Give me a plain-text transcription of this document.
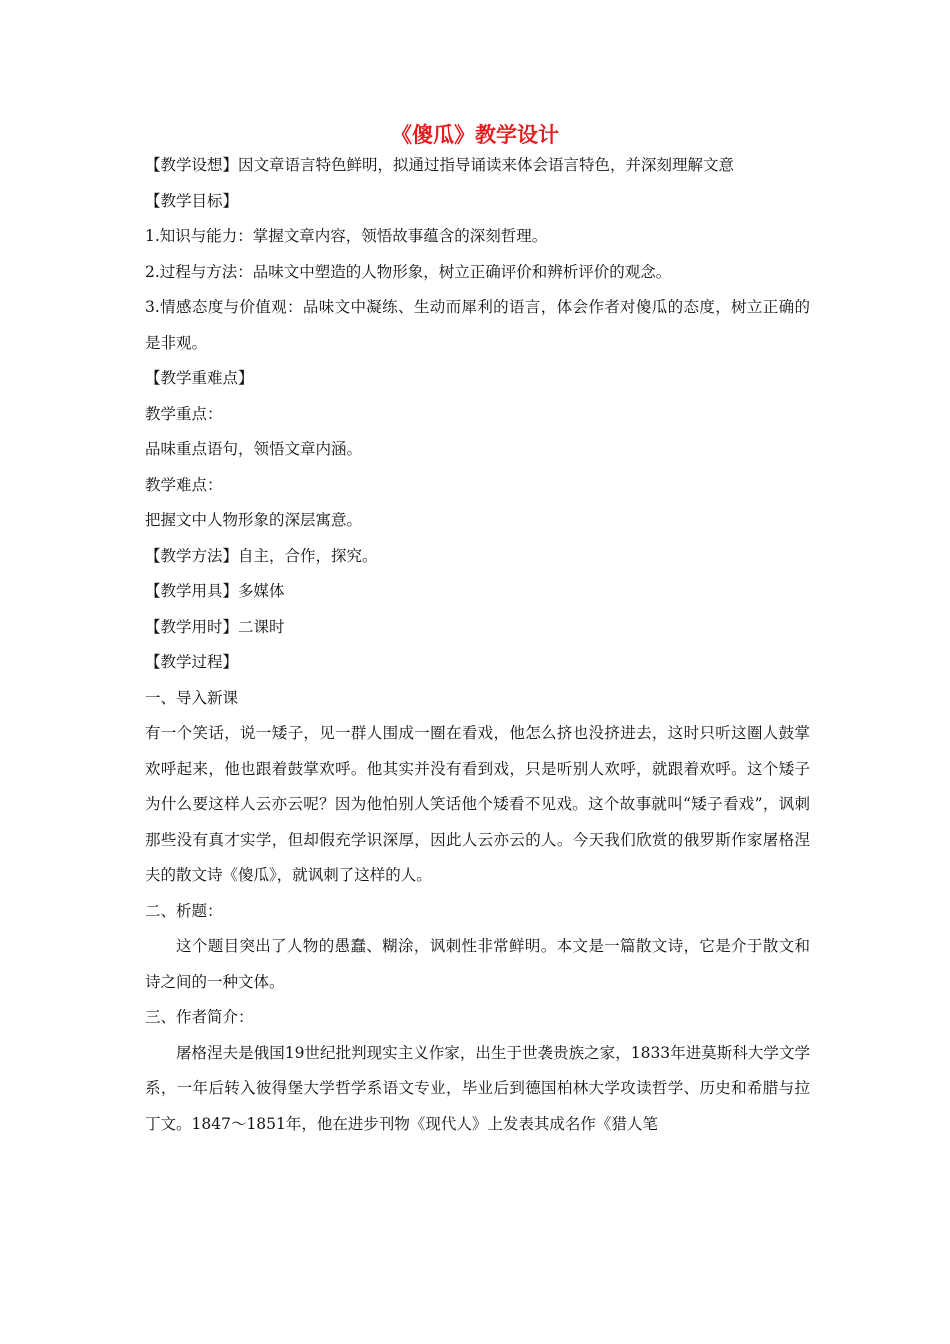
《傻瓜》教学设计

【教学设想】因文章语言特色鲜明，拟通过指导诵读来体会语言特色，并深刻理解文意

【教学目标】

1.知识与能力：掌握文章内容，领悟故事蕴含的深刻哲理。

2.过程与方法：品味文中塑造的人物形象，树立正确评价和辨析评价的观念。

3.情感态度与价值观：品味文中凝练、生动而犀利的语言，体会作者对傻瓜的态度，树立正确的是非观。

【教学重难点】

教学重点：

品味重点语句，领悟文章内涵。

教学难点：

把握文中人物形象的深层寓意。

【教学方法】自主，合作，探究。

【教学用具】多媒体

【教学用时】二课时

【教学过程】

一、导入新课

有一个笑话，说一矮子，见一群人围成一圈在看戏，他怎么挤也没挤进去，这时只听这圈人鼓掌欢呼起来，他也跟着鼓掌欢呼。他其实并没有看到戏，只是听别人欢呼，就跟着欢呼。这个矮子为什么要这样人云亦云呢？因为他怕别人笑话他个矮看不见戏。这个故事就叫“矮子看戏”，讽刺那些没有真才实学，但却假充学识深厚，因此人云亦云的人。今天我们欣赏的俄罗斯作家屠格涅夫的散文诗《傻瓜》，就讽刺了这样的人。

二、析题：

这个题目突出了人物的愚蠢、糊涂，讽刺性非常鲜明。本文是一篇散文诗，它是介于散文和诗之间的一种文体。

三、作者简介：

屠格涅夫是俄国19世纪批判现实主义作家，出生于世袭贵族之家，1833年进莫斯科大学文学系，一年后转入彼得堡大学哲学系语文专业，毕业后到德国柏林大学攻读哲学、历史和希腊与拉丁文。1847～1851年，他在进步刊物《现代人》上发表其成名作《猎人笔
